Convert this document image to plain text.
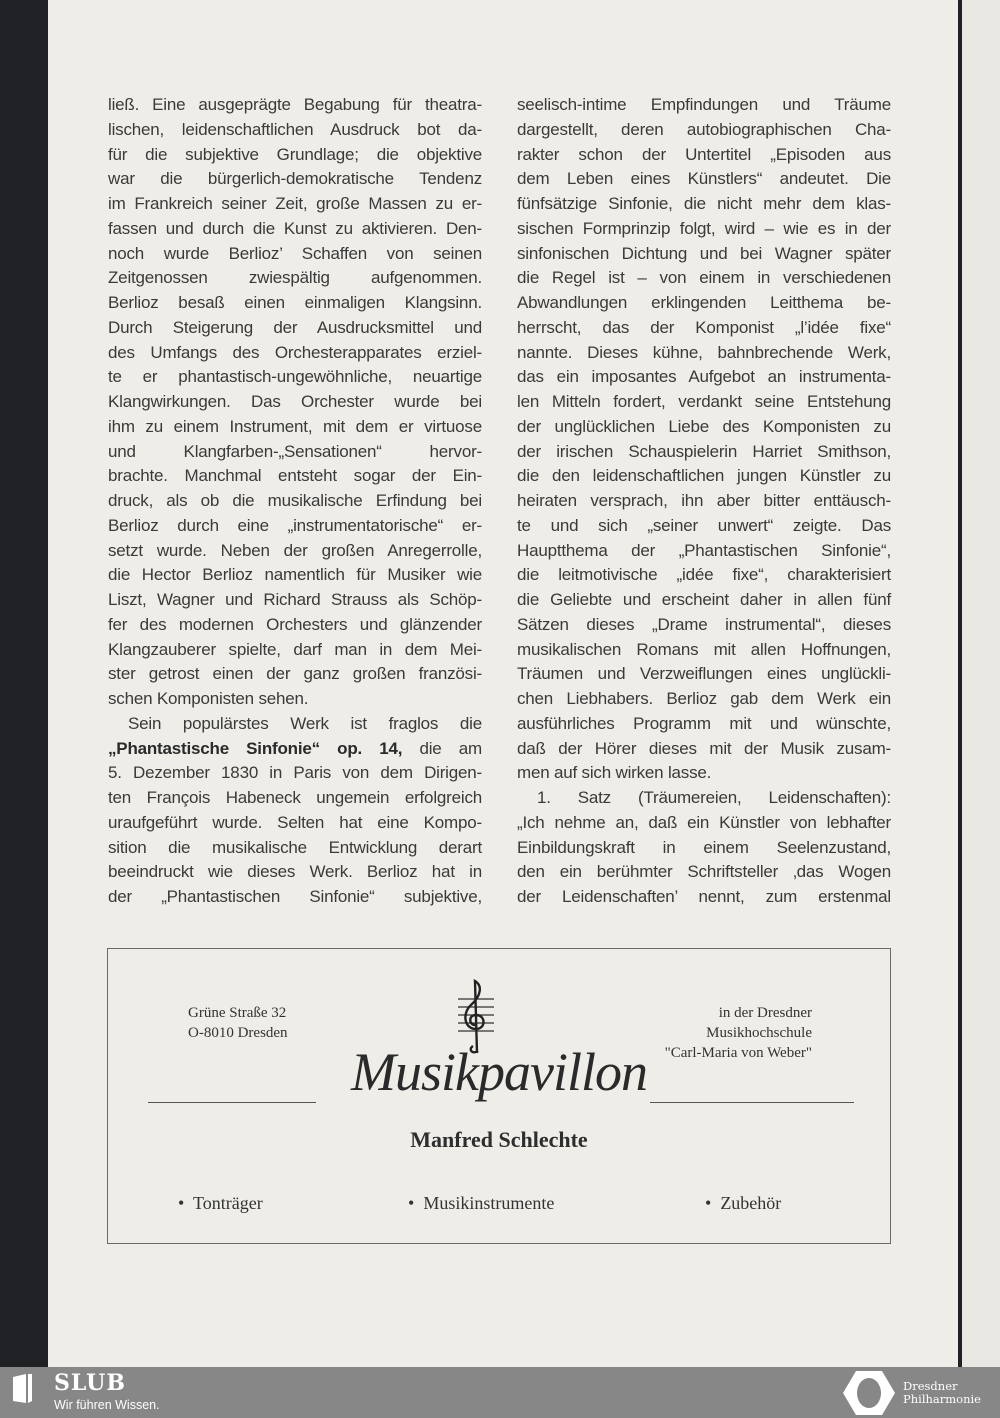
ließ. Eine ausgeprägte Begabung für theatra-
lischen, leidenschaftlichen Ausdruck bot da-
für die subjektive Grundlage; die objektive
war die bürgerlich-demokratische Tendenz
im Frankreich seiner Zeit, große Massen zu er-
fassen und durch die Kunst zu aktivieren. Den-
noch wurde Berlioz’ Schaffen von seinen
Zeitgenossen zwiespältig aufgenommen.
Berlioz besaß einen einmaligen Klangsinn.
Durch Steigerung der Ausdrucksmittel und
des Umfangs des Orchesterapparates erziel-
te er phantastisch-ungewöhnliche, neuartige
Klangwirkungen. Das Orchester wurde bei
ihm zu einem Instrument, mit dem er virtuose
und Klangfarben-„Sensationen“ hervor-
brachte. Manchmal entsteht sogar der Ein-
druck, als ob die musikalische Erfindung bei
Berlioz durch eine „instrumentatorische“ er-
setzt wurde. Neben der großen Anregerrolle,
die Hector Berlioz namentlich für Musiker wie
Liszt, Wagner und Richard Strauss als Schöp-
fer des modernen Orchesters und glänzender
Klangzauberer spielte, darf man in dem Mei-
ster getrost einen der ganz großen französi-
schen Komponisten sehen.
Sein populärstes Werk ist fraglos die
„Phantastische Sinfonie“ op. 14, die am
5. Dezember 1830 in Paris von dem Dirigen-
ten François Habeneck ungemein erfolgreich
uraufgeführt wurde. Selten hat eine Kompo-
sition die musikalische Entwicklung derart
beeindruckt wie dieses Werk. Berlioz hat in
der „Phantastischen Sinfonie“ subjektive,
seelisch-intime Empfindungen und Träume
dargestellt, deren autobiographischen Cha-
rakter schon der Untertitel „Episoden aus
dem Leben eines Künstlers“ andeutet. Die
fünfsätzige Sinfonie, die nicht mehr dem klas-
sischen Formprinzip folgt, wird – wie es in der
sinfonischen Dichtung und bei Wagner später
die Regel ist – von einem in verschiedenen
Abwandlungen erklingenden Leitthema be-
herrscht, das der Komponist „l’idée fixe“
nannte. Dieses kühne, bahnbrechende Werk,
das ein imposantes Aufgebot an instrumenta-
len Mitteln fordert, verdankt seine Entstehung
der unglücklichen Liebe des Komponisten zu
der irischen Schauspielerin Harriet Smithson,
die den leidenschaftlichen jungen Künstler zu
heiraten versprach, ihn aber bitter enttäusch-
te und sich „seiner unwert“ zeigte. Das
Hauptthema der „Phantastischen Sinfonie“,
die leitmotivische „idée fixe“, charakterisiert
die Geliebte und erscheint daher in allen fünf
Sätzen dieses „Drame instrumental“, dieses
musikalischen Romans mit allen Hoffnungen,
Träumen und Verzweiflungen eines unglückli-
chen Liebhabers. Berlioz gab dem Werk ein
ausführliches Programm mit und wünschte,
daß der Hörer dieses mit der Musik zusam-
men auf sich wirken lasse.
1. Satz (Träumereien, Leidenschaften):
„Ich nehme an, daß ein Künstler von lebhafter
Einbildungskraft in einem Seelenzustand,
den ein berühmter Schriftsteller ‚das Wogen
der Leidenschaften’ nennt, zum erstenmal
Grüne Straße 32
O-8010 Dresden
in der Dresdner
Musikhochschule
"Carl-Maria von Weber"
Musikpavillon
Manfred Schlechte
•  Tonträger	•  Musikinstrumente	•  Zubehör
SLUB
Wir führen Wissen.
Dresdner
Philharmonie
